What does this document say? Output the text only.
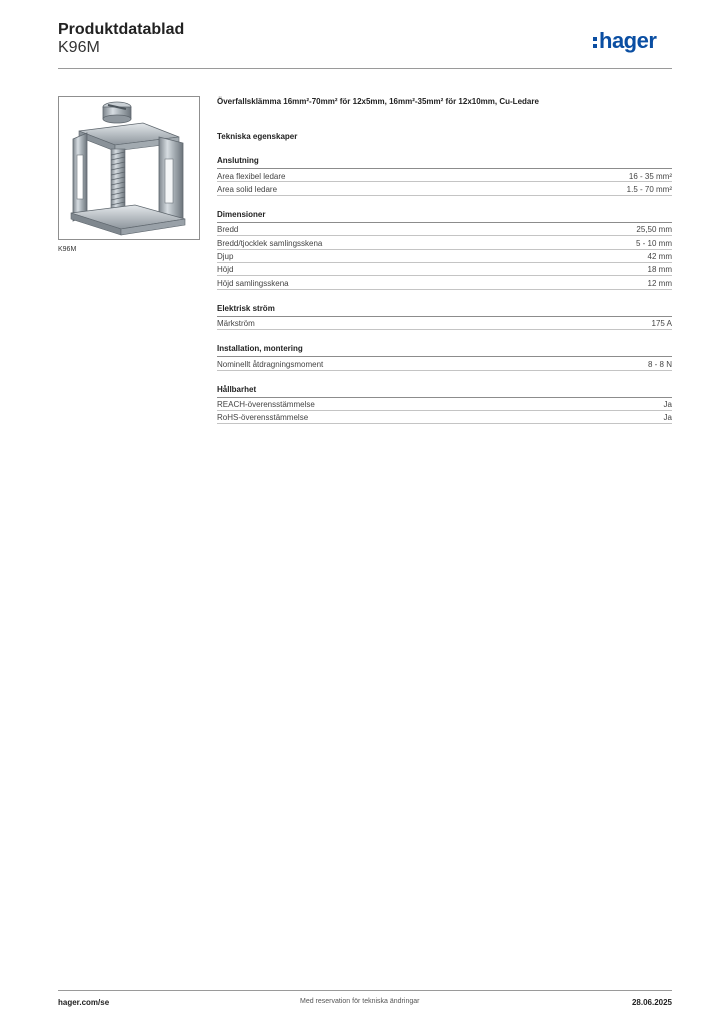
Produktdatablad
K96M	hager
K96M
Överfallsklämma 16mm²-70mm² för 12x5mm, 16mm²-35mm² för 12x10mm, Cu-Ledare
Tekniska egenskaper
Anslutning
Area flexibel ledare	16 - 35 mm²
Area solid ledare	1.5 - 70 mm²
Dimensioner
Bredd	25,50 mm
Bredd/tjocklek samlingsskena	5 - 10 mm
Djup	42 mm
Höjd	18 mm
Höjd samlingsskena	12 mm
Elektrisk ström
Märkström	175 A
Installation, montering
Nominellt åtdragningsmoment	8 - 8 N
Hållbarhet
REACH-överensstämmelse	Ja
RoHS-överensstämmelse	Ja
hager.com/se	Med reservation för tekniska ändringar	28.06.2025
